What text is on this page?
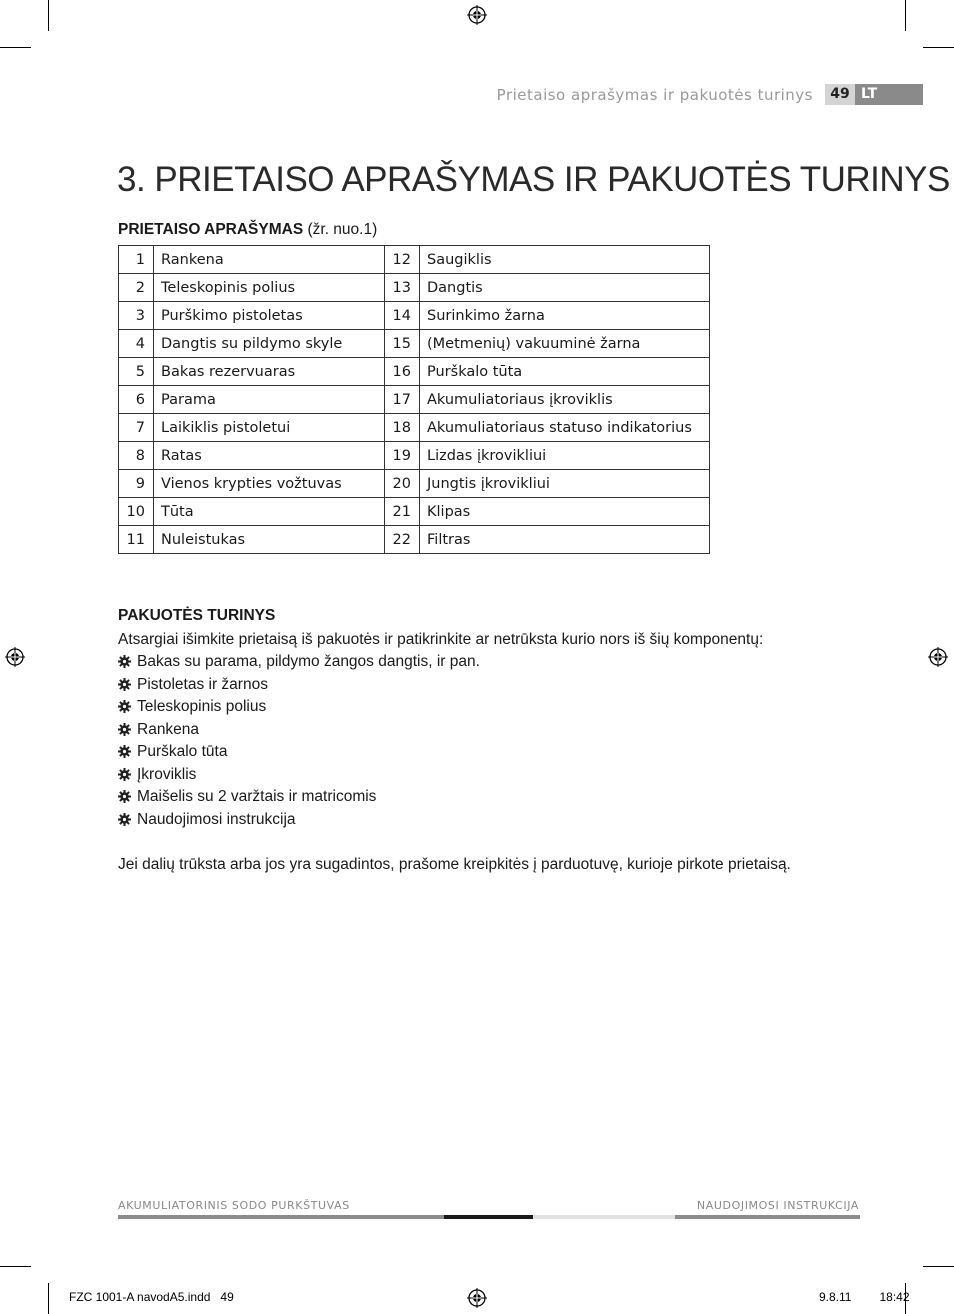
Prietaiso aprašymas ir pakuotės turinys	49 LT
3. PRIETAISO APRAŠYMAS IR PAKUOTĖS TURINYS
PRIETAISO APRAŠYMAS (žr. nuo.1)
1	Rankena	12	Saugiklis
2	Teleskopinis polius	13	Dangtis
3	Purškimo pistoletas	14	Surinkimo žarna
4	Dangtis su pildymo skyle	15	(Metmenių) vakuuminė žarna
5	Bakas rezervuaras	16	Purškalo tūta
6	Parama	17	Akumuliatoriaus įkroviklis
7	Laikiklis pistoletui	18	Akumuliatoriaus statuso indikatorius
8	Ratas	19	Lizdas įkrovikliui
9	Vienos krypties vožtuvas	20	Jungtis įkrovikliui
10	Tūta	21	Klipas
11	Nuleistukas	22	Filtras
PAKUOTĖS TURINYS
Atsargiai išimkite prietaisą iš pakuotės ir patikrinkite ar netrūksta kurio nors iš šių komponentų:
Bakas su parama, pildymo žangos dangtis, ir pan.
Pistoletas ir žarnos
Teleskopinis polius
Rankena
Purškalo tūta
Įkroviklis
Maišelis su 2 varžtais ir matricomis
Naudojimosi instrukcija
Jei dalių trūksta arba jos yra sugadintos, prašome kreipkitės į parduotuvę, kurioje pirkote prietaisą.
AKUMULIATORINIS SODO PURKŠTUVAS	NAUDOJIMOSI INSTRUKCIJA
FZC 1001-A navodA5.indd   49	9.8.11   18:42
